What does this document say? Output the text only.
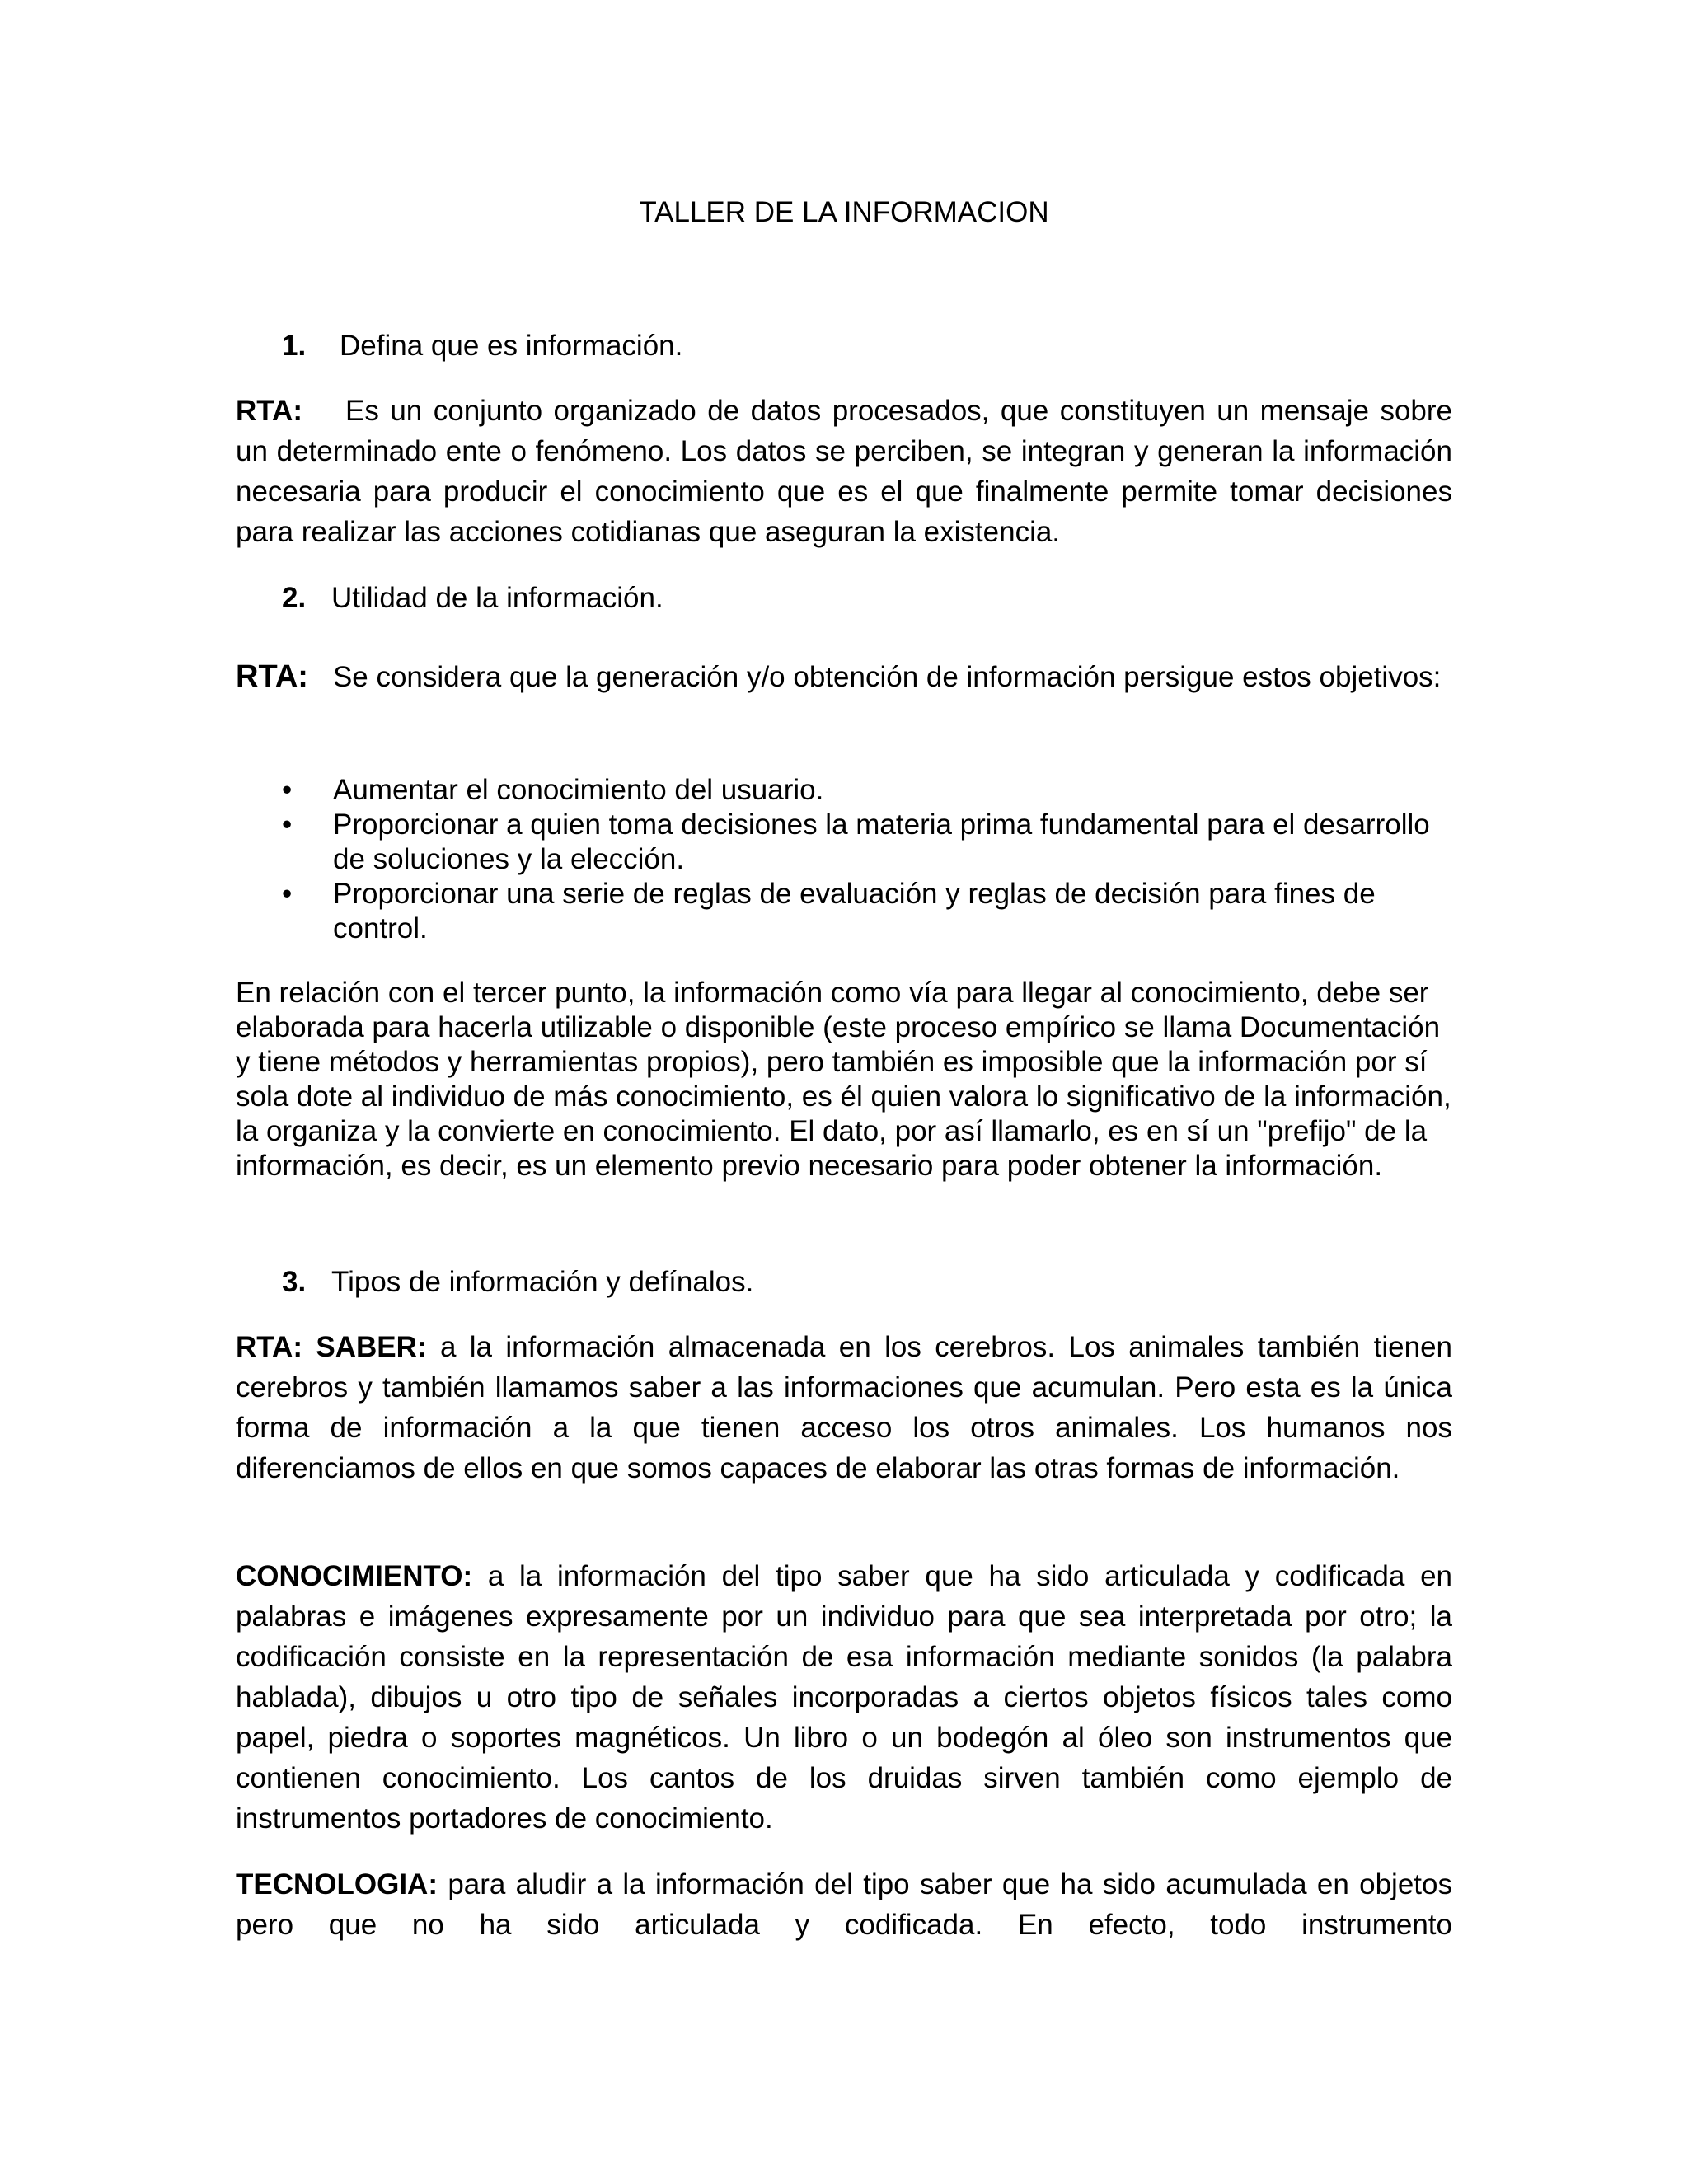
TALLER DE LA INFORMACION
1. Defina que es información.
RTA: Es un conjunto organizado de datos procesados, que constituyen un mensaje sobre un determinado ente o fenómeno. Los datos se perciben, se integran y generan la información necesaria para producir el conocimiento que es el que finalmente permite tomar decisiones para realizar las acciones cotidianas que aseguran la existencia.
2. Utilidad de la información.
RTA: Se considera que la generación y/o obtención de información persigue estos objetivos:
•	Aumentar el conocimiento del usuario.
•	Proporcionar a quien toma decisiones la materia prima fundamental para el desarrollo de soluciones y la elección.
•	Proporcionar una serie de reglas de evaluación y reglas de decisión para fines de control.
En relación con el tercer punto, la información como vía para llegar al conocimiento, debe ser elaborada para hacerla utilizable o disponible (este proceso empírico se llama Documentación y tiene métodos y herramientas propios), pero también es imposible que la información por sí sola dote al individuo de más conocimiento, es él quien valora lo significativo de la información, la organiza y la convierte en conocimiento. El dato, por así llamarlo, es en sí un "prefijo" de la información, es decir, es un elemento previo necesario para poder obtener la información.
3. Tipos de información y defínalos.
RTA: SABER: a la información almacenada en los cerebros. Los animales también tienen cerebros y también llamamos saber a las informaciones que acumulan. Pero esta es la única forma de información a la que tienen acceso los otros animales. Los humanos nos diferenciamos de ellos en que somos capaces de elaborar las otras formas de información.
CONOCIMIENTO: a la información del tipo saber que ha sido articulada y codificada en palabras e imágenes expresamente por un individuo para que sea interpretada por otro; la codificación consiste en la representación de esa información mediante sonidos (la palabra hablada), dibujos u otro tipo de señales incorporadas a ciertos objetos físicos tales como papel, piedra o soportes magnéticos. Un libro o un bodegón al óleo son instrumentos que contienen conocimiento. Los cantos de los druidas sirven también como ejemplo de instrumentos portadores de conocimiento.
TECNOLOGIA: para aludir a la información del tipo saber que ha sido acumulada en objetos pero que no ha sido articulada y codificada. En efecto, todo instrumento
